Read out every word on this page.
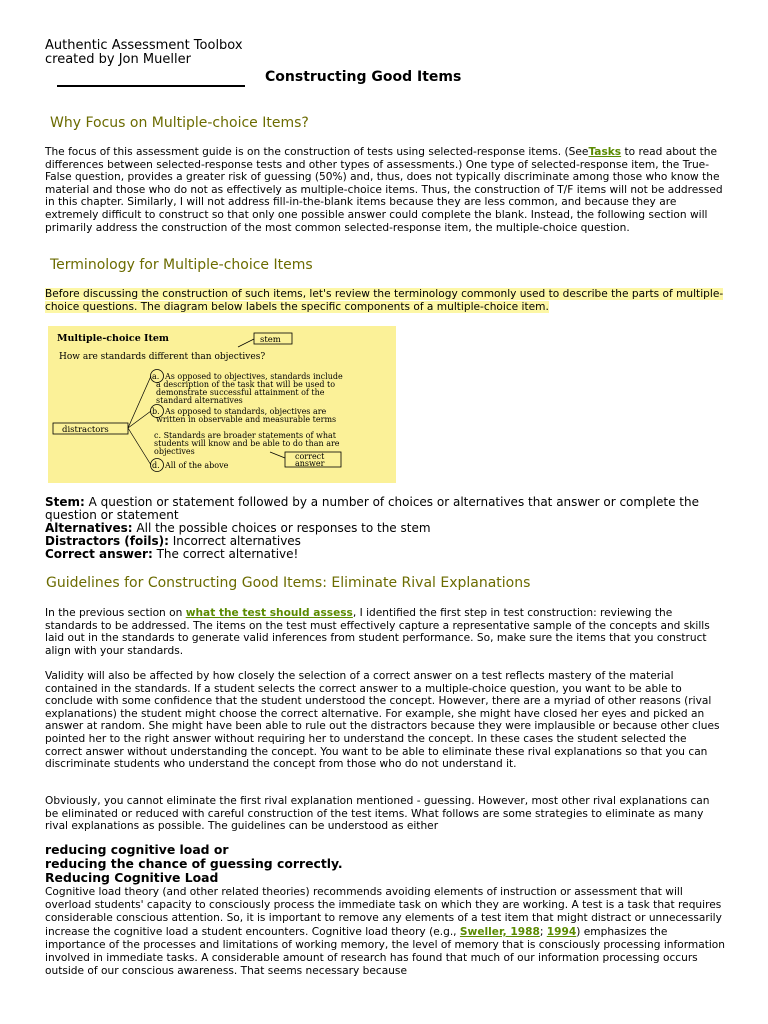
Authentic Assessment Toolbox
created by Jon Mueller
Constructing Good Items
Why Focus on Multiple-choice Items?

The focus of this assessment guide is on the construction of tests using selected-response items. (SeeTasks to read about the differences between selected-response tests and other types of assessments.) One type of selected-response item, the True-False question, provides a greater risk of guessing (50%) and, thus, does not typically discriminate among those who know the material and those who do not as effectively as multiple-choice items. Thus, the construction of T/F items will not be addressed in this chapter. Similarly, I will not address fill-in-the-blank items because they are less common, and because they are extremely difficult to construct so that only one possible answer could complete the blank. Instead, the following section will primarily address the construction of the most common selected-response item, the multiple-choice question.

Terminology for Multiple-choice Items

Before discussing the construction of such items, let's review the terminology commonly used to describe the parts of multiple-choice questions. The diagram below labels the specific components of a multiple-choice item.

Multiple-choice Item	stem
How are standards different than objectives?
a. As opposed to objectives, standards include
a description of the task that will be used to
demonstrate successful attainment of the
standard alternatives
b. As opposed to standards, objectives are
written in observable and measurable terms
c. Standards are broader statements of what
students will know and be able to do than are
objectives
d. All of the above
distractors
correct
answer
Stem: A question or statement followed by a number of choices or alternatives that answer or complete the question or statement
Alternatives: All the possible choices or responses to the stem
Distractors (foils): Incorrect alternatives
Correct answer: The correct alternative!
Guidelines for Constructing Good Items: Eliminate Rival Explanations

In the previous section on what the test should assess, I identified the first step in test construction: reviewing the standards to be addressed. The items on the test must effectively capture a representative sample of the concepts and skills laid out in the standards to generate valid inferences from student performance. So, make sure the items that you construct align with your standards.

Validity will also be affected by how closely the selection of a correct answer on a test reflects mastery of the material contained in the standards. If a student selects the correct answer to a multiple-choice question, you want to be able to conclude with some confidence that the student understood the concept. However, there are a myriad of other reasons (rival explanations) the student might choose the correct alternative. For example, she might have closed her eyes and picked an answer at random. She might have been able to rule out the distractors because they were implausible or because other clues pointed her to the right answer without requiring her to understand the concept. In these cases the student selected the correct answer without understanding the concept. You want to be able to eliminate these rival explanations so that you can discriminate students who understand the concept from those who do not understand it.

Obviously, you cannot eliminate the first rival explanation mentioned - guessing. However, most other rival explanations can be eliminated or reduced with careful construction of the test items. What follows are some strategies to eliminate as many rival explanations as possible. The guidelines can be understood as either

reducing cognitive load or
reducing the chance of guessing correctly.
Reducing Cognitive Load

Cognitive load theory (and other related theories) recommends avoiding elements of instruction or assessment that will overload students' capacity to consciously process the immediate task on which they are working. A test is a task that requires considerable conscious attention. So, it is important to remove any elements of a test item that might distract or unnecessarily increase the cognitive load a student encounters. Cognitive load theory (e.g., Sweller, 1988; 1994) emphasizes the importance of the processes and limitations of working memory, the level of memory that is consciously processing information involved in immediate tasks. A considerable amount of research has found that much of our information processing occurs outside of our conscious awareness. That seems necessary because
